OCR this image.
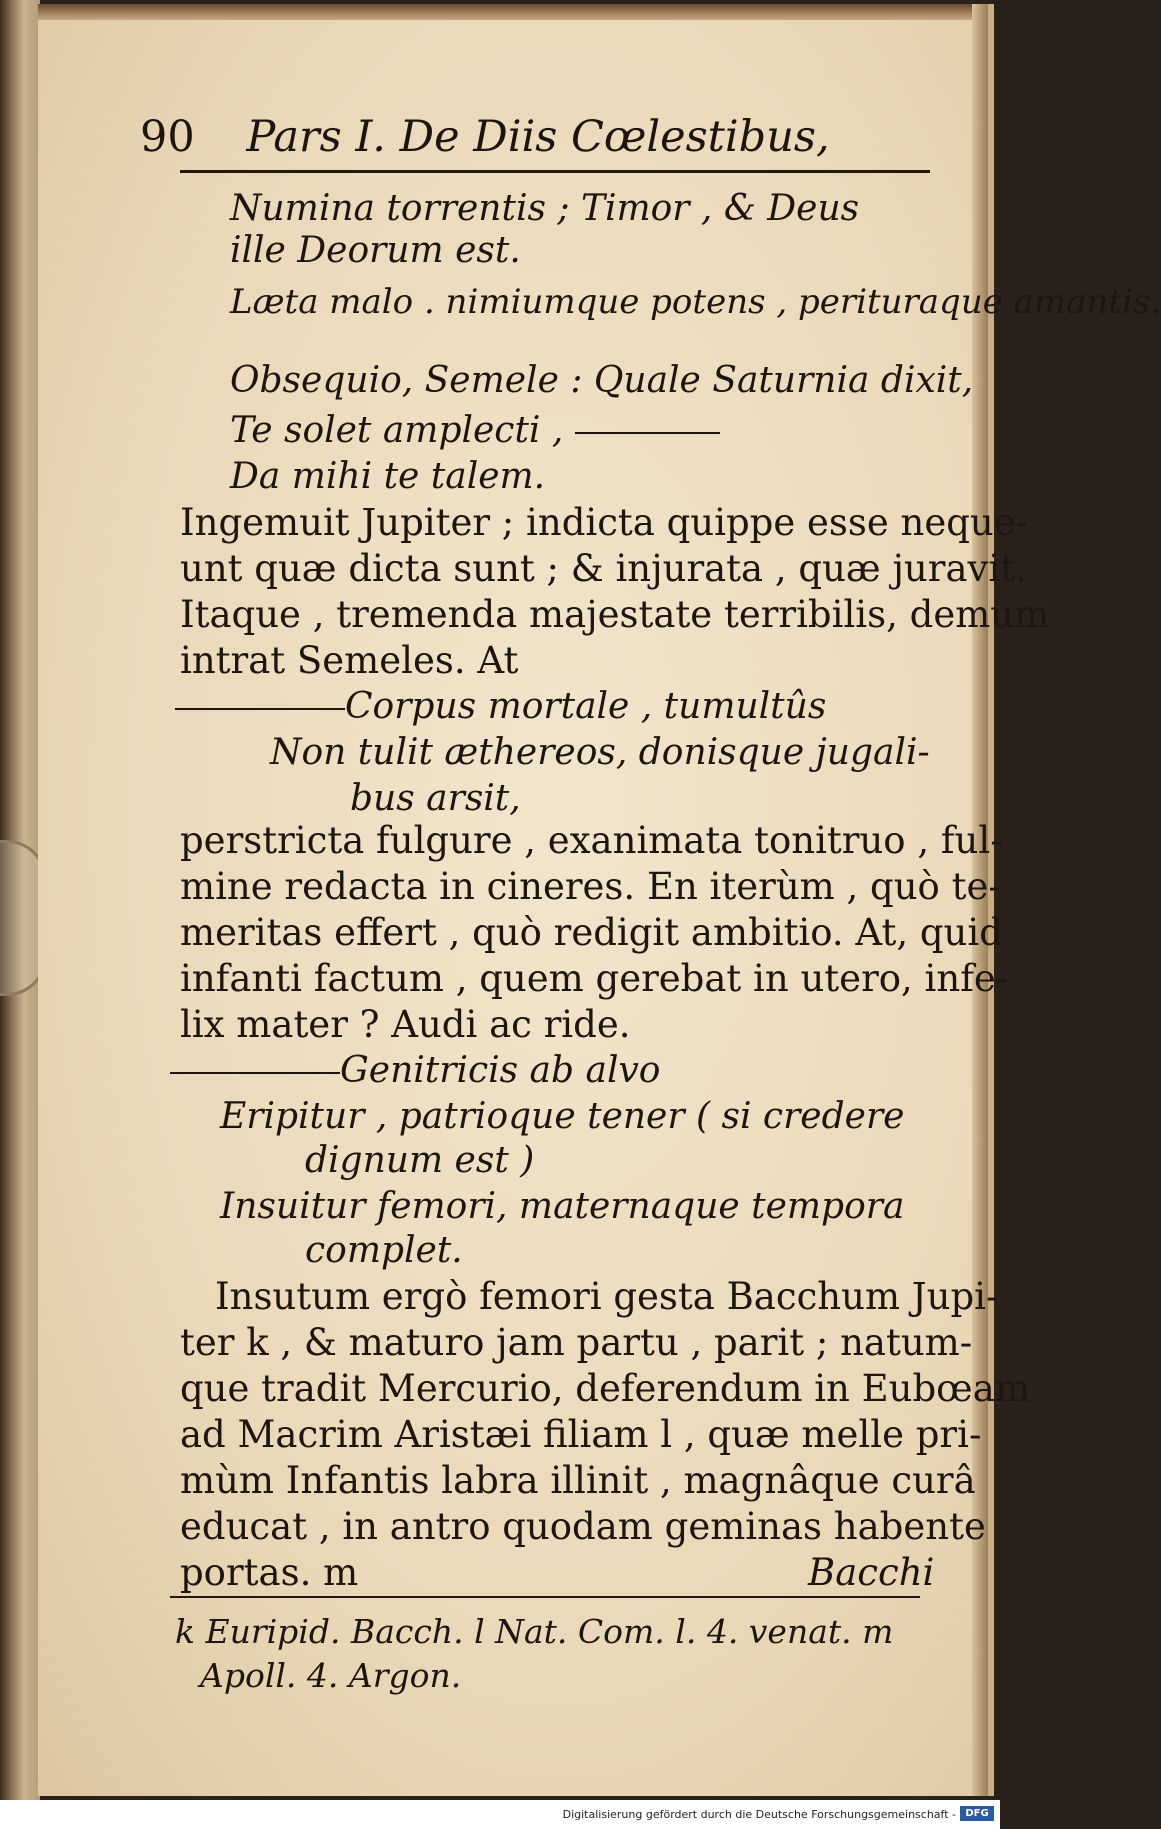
90 Pars I. De Diis Cœlestibus,
Numina torrentis ; Timor , & Deus
ille Deorum est.
Læta malo . nimiumque potens , perituraque amantis.
Obsequio, Semele : Quale Saturnia dixit,
Te solet amplecti ,
Da mihi te talem.
Ingemuit Jupiter ; indicta quippe esse neque-
unt quæ dicta sunt ; & injurata , quæ juravit.
Itaque , tremenda majestate terribilis, demum
intrat Semeles. At
Corpus mortale , tumultûs
Non tulit æthereos, donisque jugali-
bus arsit,
perstricta fulgure , exanimata tonitruo , ful-
mine redacta in cineres. En iterùm , quò te-
meritas effert , quò redigit ambitio. At, quid
infanti factum , quem gerebat in utero, infe-
lix mater ? Audi ac ride.
Genitricis ab alvo
Eripitur , patrioque tener ( si credere
dignum est )
Insuitur femori, maternaque tempora
complet.
Insutum ergò femori gesta Bacchum Jupi-
ter k , & maturo jam partu , parit ; natum-
que tradit Mercurio, deferendum in Eubœam
ad Macrim Aristæi filiam l , quæ melle pri-
mùm Infantis labra illinit , magnâque curâ
educat , in antro quodam geminas habente
portas. m	Bacchi
k Euripid. Bacch. l Nat. Com. l. 4. venat. m
Apoll. 4. Argon.
Digitalisierung gefördert durch die Deutsche Forschungsgemeinschaft - DFG
